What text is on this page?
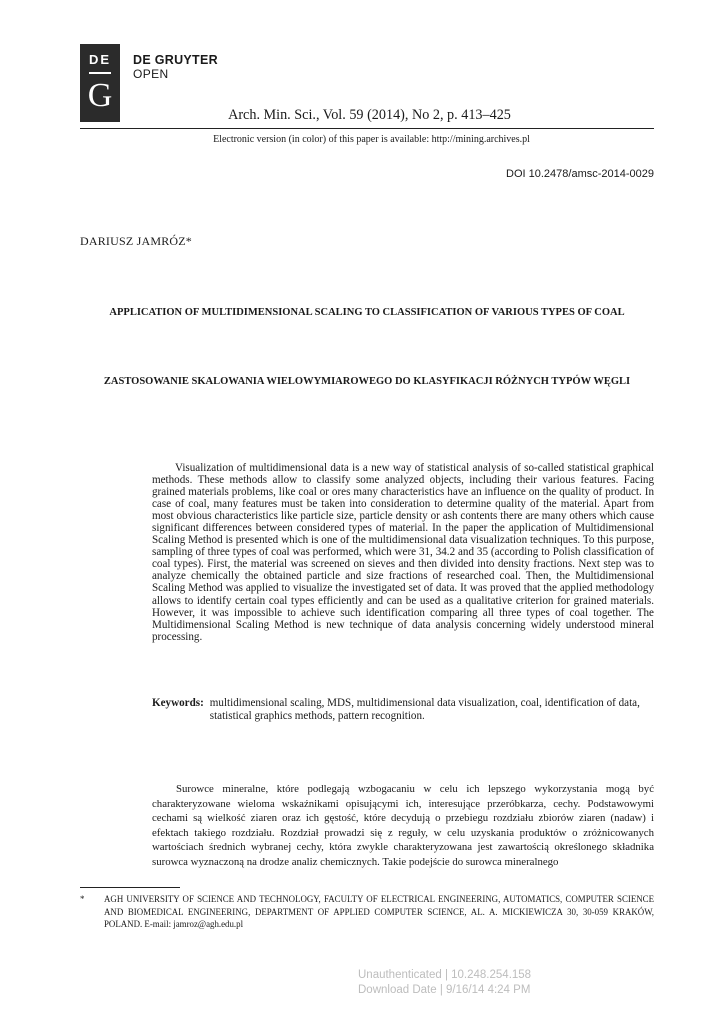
DE
G
DE GRUYTER
OPEN
Arch. Min. Sci., Vol. 59 (2014), No 2, p. 413–425
Electronic version (in color) of this paper is available: http://mining.archives.pl
DOI 10.2478/amsc-2014-0029
DARIUSZ JAMRÓZ*
APPLICATION OF MULTIDIMENSIONAL SCALING TO CLASSIFICATION OF VARIOUS TYPES OF COAL
ZASTOSOWANIE SKALOWANIA WIELOWYMIAROWEGO DO KLASYFIKACJI RÓŻNYCH TYPÓW WĘGLI

Visualization of multidimensional data is a new way of statistical analysis of so-called statistical graphical methods. These methods allow to classify some analyzed objects, including their various features. Facing grained materials problems, like coal or ores many characteristics have an influence on the quality of product. In case of coal, many features must be taken into consideration to determine quality of the material. Apart from most obvious characteristics like particle size, particle density or ash contents there are many others which cause significant differences between considered types of material. In the paper the application of Multidimensional Scaling Method is presented which is one of the multidimensional data visualization techniques. To this purpose, sampling of three types of coal was performed, which were 31, 34.2 and 35 (according to Polish classification of coal types). First, the material was screened on sieves and then divided into density fractions. Next step was to analyze chemically the obtained particle and size fractions of researched coal. Then, the Multidimensional Scaling Method was applied to visualize the investigated set of data. It was proved that the applied methodology allows to identify certain coal types efficiently and can be used as a qualitative criterion for grained materials. However, it was impossible to achieve such identification comparing all three types of coal together. The Multidimensional Scaling Method is new technique of data analysis concerning widely understood mineral processing.

Keywords: multidimensional scaling, MDS, multidimensional data visualization, coal, identification of data, statistical graphics methods, pattern recognition.

Surowce mineralne, które podlegają wzbogacaniu w celu ich lepszego wykorzystania mogą być charakteryzowane wieloma wskaźnikami opisującymi ich, interesujące przeróbkarza, cechy. Podstawowymi cechami są wielkość ziaren oraz ich gęstość, które decydują o przebiegu rozdziału zbiorów ziaren (nadaw) i efektach takiego rozdziału. Rozdział prowadzi się z reguły, w celu uzyskania produktów o zróżnicowanych wartościach średnich wybranej cechy, która zwykle charakteryzowana jest zawartością określonego składnika surowca wyznaczoną na drodze analiz chemicznych. Takie podejście do surowca mineralnego

*	AGH UNIVERSITY OF SCIENCE AND TECHNOLOGY, FACULTY OF ELECTRICAL ENGINEERING, AUTOMATICS, COMPUTER SCIENCE AND BIOMEDICAL ENGINEERING, DEPARTMENT OF APPLIED COMPUTER SCIENCE, AL. A. MICKIEWICZA 30, 30-059 KRAKÓW, POLAND. E-mail: jamroz@agh.edu.pl
Unauthenticated | 10.248.254.158
Download Date | 9/16/14 4:24 PM
